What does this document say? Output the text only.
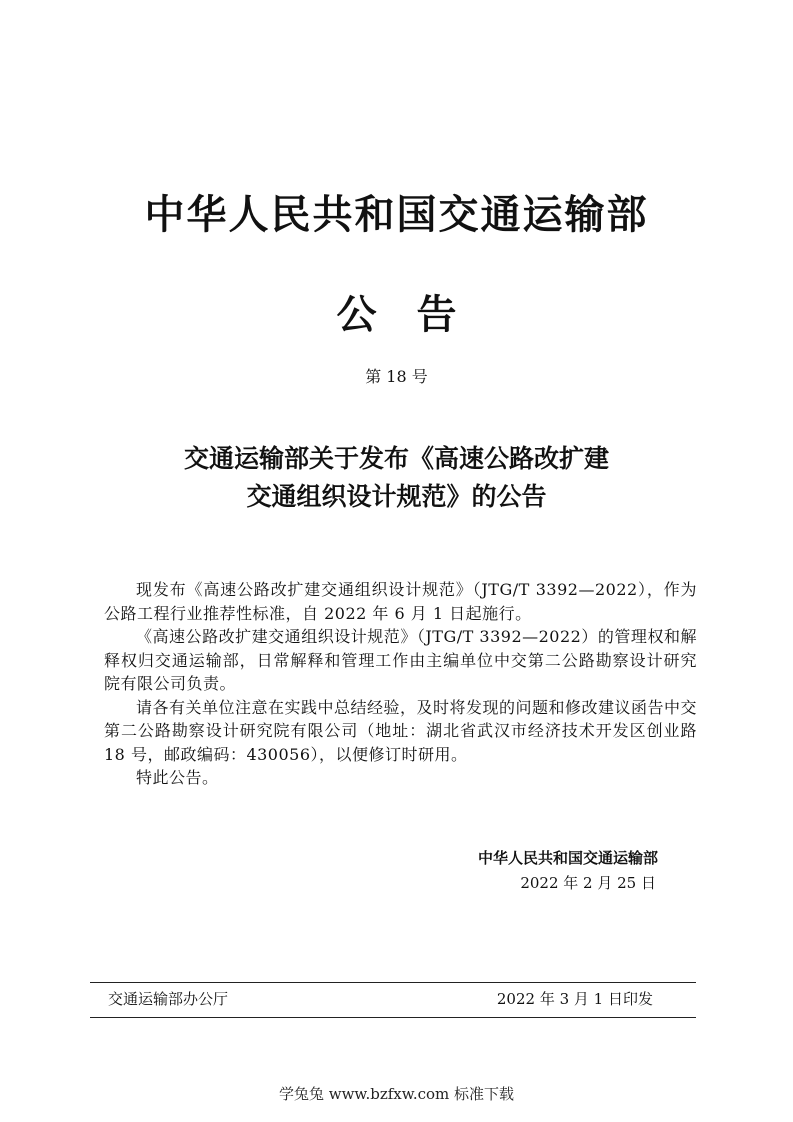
中华人民共和国交通运输部
公　告
第 18 号
交通运输部关于发布《高速公路改扩建
交通组织设计规范》的公告

现发布《高速公路改扩建交通组织设计规范》（JTG/T 3392—2022），作为公路工程行业推荐性标准，自 2022 年 6 月 1 日起施行。

《高速公路改扩建交通组织设计规范》（JTG/T 3392—2022）的管理权和解释权归交通运输部，日常解释和管理工作由主编单位中交第二公路勘察设计研究院有限公司负责。

请各有关单位注意在实践中总结经验，及时将发现的问题和修改建议函告中交第二公路勘察设计研究院有限公司（地址：湖北省武汉市经济技术开发区创业路 18 号，邮政编码：430056），以便修订时研用。

特此公告。

中华人民共和国交通运输部
2022 年 2 月 25 日
交通运输部办公厅	2022 年 3 月 1 日印发
学兔兔 www.bzfxw.com 标准下载
